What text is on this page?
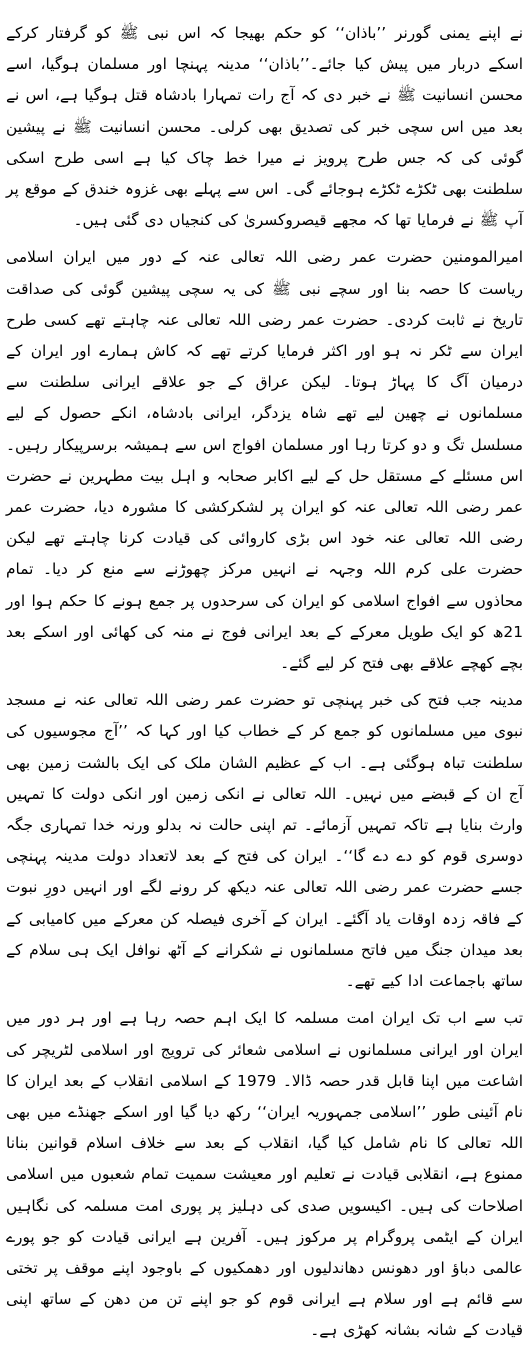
نے اپنے یمنی گورنر ’’باذان‘‘ کو حکم بھیجا کہ اس نبی ﷺ کو گرفتار کرکے اسکے دربار میں پیش کیا جائے۔’’باذان‘‘ مدینہ پہنچا اور مسلمان ہوگیا، اسے محسن انسانیت ﷺ نے خبر دی کہ آج رات تمہارا بادشاہ قتل ہوگیا ہے، اس نے بعد میں اس سچی خبر کی تصدیق بھی کرلی۔ محسن انسانیت ﷺ نے پیشین گوئی کی کہ جس طرح پرویز نے میرا خط چاک کیا ہے اسی طرح اسکی سلطنت بھی ٹکڑے ٹکڑے ہوجائے گی۔ اس سے پہلے بھی غزوہ خندق کے موقع پر آپ ﷺ نے فرمایا تھا کہ مجھے قیصروکسریٰ کی کنجیاں دی گئی ہیں۔

امیرالمومنین حضرت عمر رضی اللہ تعالی عنہ کے دور میں ایران اسلامی ریاست کا حصہ بنا اور سچے نبی ﷺ کی یہ سچی پیشین گوئی کی صداقت تاریخ نے ثابت کردی۔ حضرت عمر رضی اللہ تعالی عنہ چاہتے تھے کسی طرح ایران سے ٹکر نہ ہو اور اکثر فرمایا کرتے تھے کہ کاش ہمارے اور ایران کے درمیان آگ کا پہاڑ ہوتا۔ لیکن عراق کے جو علاقے ایرانی سلطنت سے مسلمانوں نے چھین لیے تھے شاہ یزدگر، ایرانی بادشاہ، انکے حصول کے لیے مسلسل تگ و دو کرتا رہا اور مسلمان افواج اس سے ہمیشہ برسرپیکار رہیں۔ اس مسئلے کے مستقل حل کے لیے اکابر صحابہ و اہل بیت مطہرین نے حضرت عمر رضی اللہ تعالی عنہ کو ایران پر لشکرکشی کا مشورہ دیا، حضرت عمر رضی اللہ تعالی عنہ خود اس بڑی کاروائی کی قیادت کرنا چاہتے تھے لیکن حضرت علی کرم اللہ وجہہ نے انہیں مرکز چھوڑنے سے منع کر دیا۔ تمام محاذوں سے افواج اسلامی کو ایران کی سرحدوں پر جمع ہونے کا حکم ہوا اور 21ھ کو ایک طویل معرکے کے بعد ایرانی فوج نے منہ کی کھائی اور اسکے بعد بچے کھچے علاقے بھی فتح کر لیے گئے۔

مدینہ جب فتح کی خبر پہنچی تو حضرت عمر رضی اللہ تعالی عنہ نے مسجد نبوی میں مسلمانوں کو جمع کر کے خطاب کیا اور کہا کہ ’’آج مجوسیوں کی سلطنت تباہ ہوگئی ہے۔ اب کے عظیم الشان ملک کی ایک بالشت زمین بھی آج ان کے قبضے میں نہیں۔ اللہ تعالی نے انکی زمین اور انکی دولت کا تمہیں وارث بنایا ہے تاکہ تمہیں آزمائے۔ تم اپنی حالت نہ بدلو ورنہ خدا تمہاری جگہ دوسری قوم کو دے دے گا‘‘۔ ایران کی فتح کے بعد لاتعداد دولت مدینہ پہنچی جسے حضرت عمر رضی اللہ تعالی عنہ دیکھ کر رونے لگے اور انہیں دورِ نبوت کے فاقہ زدہ اوقات یاد آگئے۔ ایران کے آخری فیصلہ کن معرکے میں کامیابی کے بعد میدان جنگ میں فاتح مسلمانوں نے شکرانے کے آٹھ نوافل ایک ہی سلام کے ساتھ باجماعت ادا کیے تھے۔

تب سے اب تک ایران امت مسلمہ کا ایک اہم حصہ رہا ہے اور ہر دور میں ایران اور ایرانی مسلمانوں نے اسلامی شعائر کی ترویج اور اسلامی لٹریچر کی اشاعت میں اپنا قابل قدر حصہ ڈالا۔ 1979 کے اسلامی انقلاب کے بعد ایران کا نام آئینی طور ’’اسلامی جمہوریہ ایران‘‘ رکھ دیا گیا اور اسکے جھنڈے میں بھی اللہ تعالی کا نام شامل کیا گیا، انقلاب کے بعد سے خلاف اسلام قوانین بنانا ممنوع ہے، انقلابی قیادت نے تعلیم اور معیشت سمیت تمام شعبوں میں اسلامی اصلاحات کی ہیں۔ اکیسویں صدی کی دہلیز پر پوری امت مسلمہ کی نگاہیں ایران کے ایٹمی پروگرام پر مرکوز ہیں۔ آفرین ہے ایرانی قیادت کو جو پورے عالمی دباؤ اور دھونس دھاندلیوں اور دھمکیوں کے باوجود اپنے موقف پر تختی سے قائم ہے اور سلام ہے ایرانی قوم کو جو اپنے تن من دھن کے ساتھ اپنی قیادت کے شانہ بشانہ کھڑی ہے۔
